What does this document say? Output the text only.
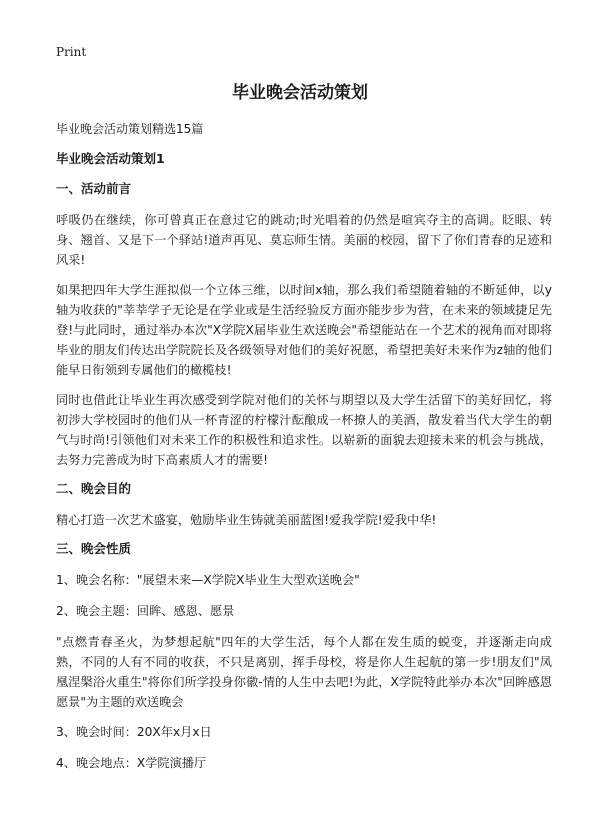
Print
毕业晚会活动策划

毕业晚会活动策划精选15篇

毕业晚会活动策划1
一、活动前言

呼吸仍在继续，你可曾真正在意过它的跳动;时光唱着的仍然是喧宾夺主的高调。眨眼、转身、翘首、又是下一个驿站!道声再见、莫忘师生情。美丽的校园，留下了你们青春的足迹和风采!

如果把四年大学生涯拟似一个立体三维，以时间x轴，那么我们希望随着轴的不断延伸，以y轴为收获的"莘莘学子无论是在学业或是生活经验反方面亦能步步为营，在未来的领域捷足先登!与此同时，通过举办本次"X学院X届毕业生欢送晚会"希望能站在一个艺术的视角而对即将毕业的朋友们传达出学院院长及各级领导对他们的美好祝愿，希望把美好未来作为z轴的他们能早日衔领到专属他们的橄榄枝!

同时也借此让毕业生再次感受到学院对他们的关怀与期望以及大学生活留下的美好回忆，将初涉大学校园时的他们从一杯青涩的柠檬汁酝酿成一杯撩人的美酒，散发着当代大学生的朝气与时尚!引领他们对未来工作的积极性和追求性。以崭新的面貌去迎接未来的机会与挑战，去努力完善成为时下高素质人才的需要!

二、晚会目的

精心打造一次艺术盛宴，勉励毕业生铸就美丽蓝图!爱我学院!爱我中华!

三、晚会性质

1、晚会名称："展望未来—X学院X毕业生大型欢送晚会"

2、晚会主题：回眸、感恩、愿景

"点燃青春圣火，为梦想起航"四年的大学生活，每个人都在发生质的蜕变，并逐渐走向成熟，不同的人有不同的收获，不只是离别，挥手母校，将是你人生起航的第一步!朋友们"凤凰涅槃浴火重生"将你们所学投身你徽-情的人生中去吧!为此，X学院特此举办本次"回眸感恩愿景"为主题的欢送晚会

3、晚会时间：20X年x月x日

4、晚会地点：X学院演播厅
